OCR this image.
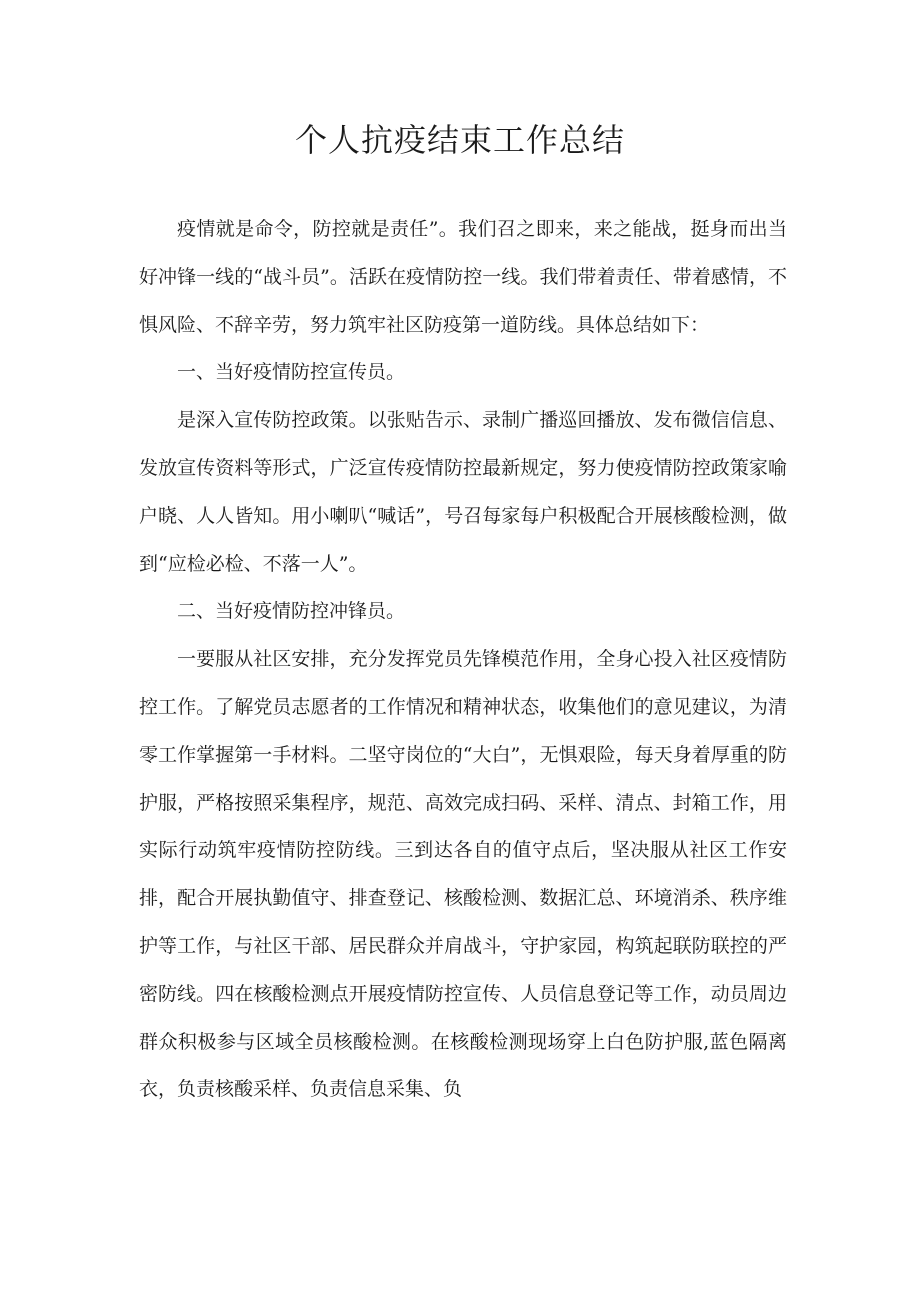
个人抗疫结束工作总结

疫情就是命令，防控就是责任”。我们召之即来，来之能战，挺身而出当好冲锋一线的“战斗员”。活跃在疫情防控一线。我们带着责任、带着感情，不惧风险、不辞辛劳，努力筑牢社区防疫第一道防线。具体总结如下：

一、当好疫情防控宣传员。

是深入宣传防控政策。以张贴告示、录制广播巡回播放、发布微信信息、发放宣传资料等形式，广泛宣传疫情防控最新规定，努力使疫情防控政策家喻户晓、人人皆知。用小喇叭“喊话”，号召每家每户积极配合开展核酸检测，做到“应检必检、不落一人”。

二、当好疫情防控冲锋员。

一要服从社区安排，充分发挥党员先锋模范作用，全身心投入社区疫情防控工作。了解党员志愿者的工作情况和精神状态，收集他们的意见建议，为清零工作掌握第一手材料。二坚守岗位的“大白”，无惧艰险，每天身着厚重的防护服，严格按照采集程序，规范、高效完成扫码、采样、清点、封箱工作，用实际行动筑牢疫情防控防线。三到达各自的值守点后，坚决服从社区工作安排，配合开展执勤值守、排查登记、核酸检测、数据汇总、环境消杀、秩序维护等工作，与社区干部、居民群众并肩战斗，守护家园，构筑起联防联控的严密防线。四在核酸检测点开展疫情防控宣传、人员信息登记等工作，动员周边群众积极参与区域全员核酸检测。在核酸检测现场穿上白色防护服,蓝色隔离衣，负责核酸采样、负责信息采集、负
